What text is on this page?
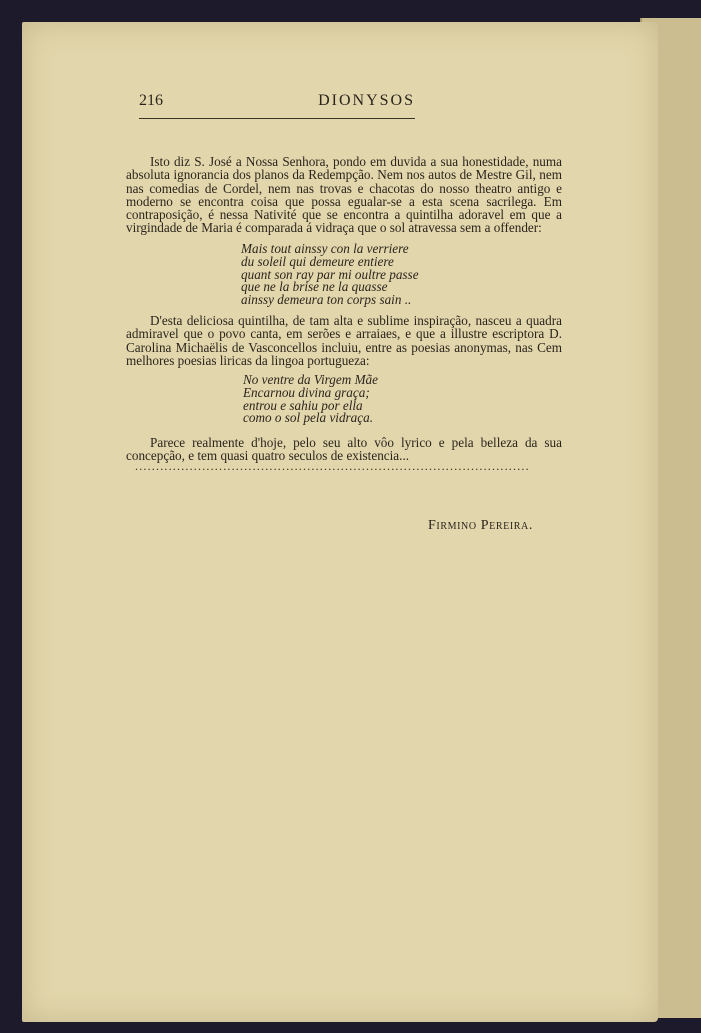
216	DIONYSOS
Isto diz S. José a Nossa Senhora, pondo em duvida a sua honestidade, numa absoluta ignorancia dos planos da Redempção. Nem nos autos de Mestre Gil, nem nas comedias de Cordel, nem nas trovas e chacotas do nosso theatro antigo e moderno se encontra coisa que possa egualar-se a esta scena sacrilega. Em contraposição, é nessa Nativité que se encontra a quintilha adoravel em que a virgindade de Maria é comparada á vidraça que o sol atravessa sem a offender:
Mais tout ainssy con la verriere
du soleil qui demeure entiere
quant son ray par mi oultre passe
que ne la brise ne la quasse
ainssy demeura ton corps sain ..
D'esta deliciosa quintilha, de tam alta e sublime inspiração, nasceu a quadra admiravel que o povo canta, em serões e arraiaes, e que a illustre escriptora D. Carolina Michaëlis de Vasconcellos incluiu, entre as poesias anonymas, nas Cem melhores poesias liricas da lingoa portugueza:
No ventre da Virgem Mãe
Encarnou divina graça;
entrou e sahiu por ella
como o sol pela vidraça.
Parece realmente d'hoje, pelo seu alto vôo lyrico e pela belleza da sua concepção, e tem quasi quatro seculos de existencia...
..............................................................................................
Firmino Pereira.
